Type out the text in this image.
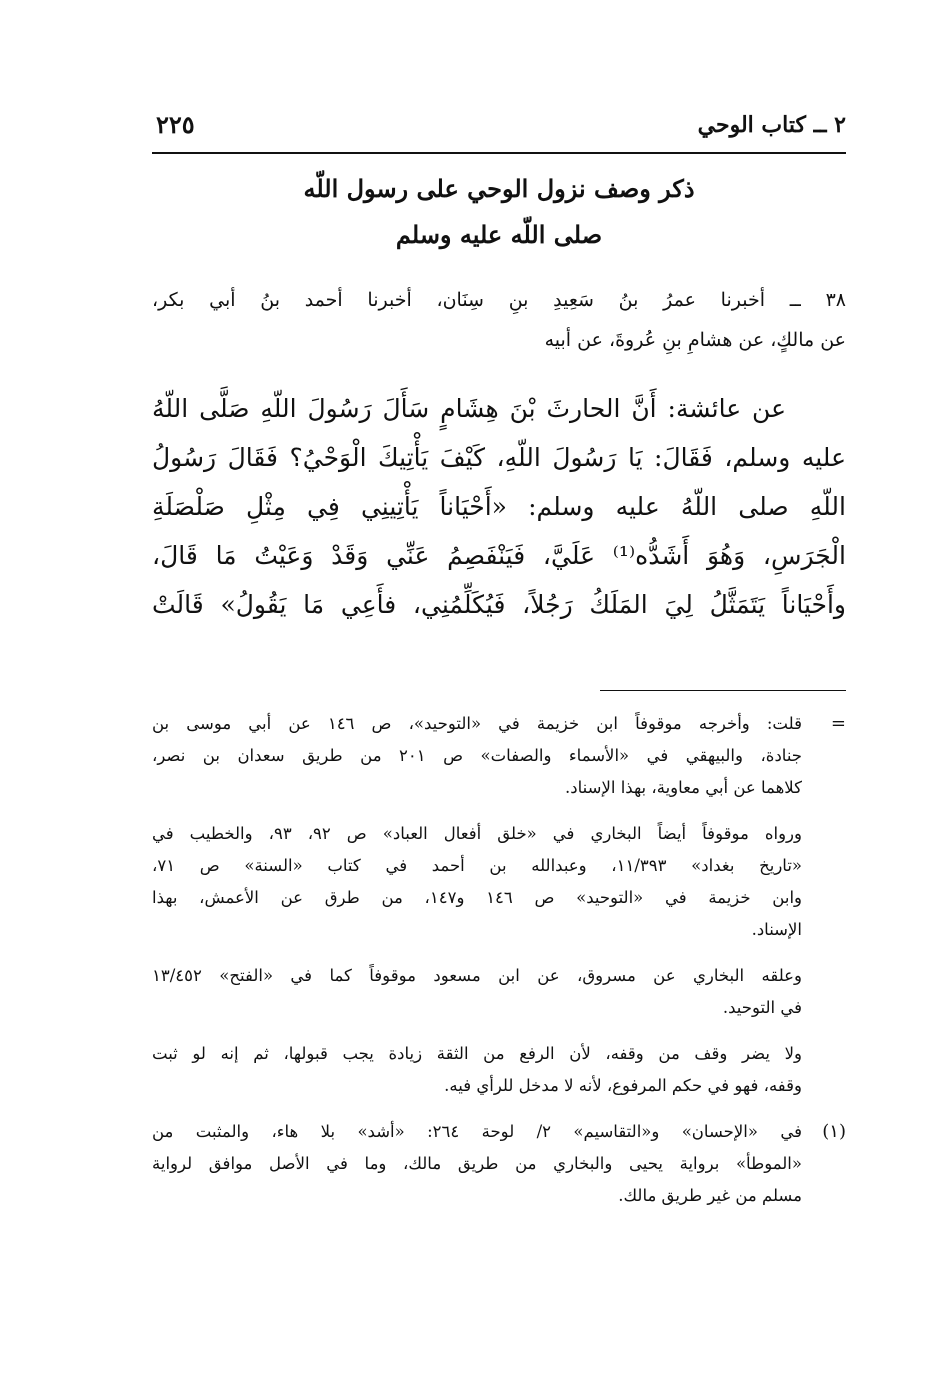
٢ ــ كتاب الوحي
٢٢٥
ذكر وصف نزول الوحي على رسول اللّه
صلى اللّه عليه وسلم
٣٨ ــ أخبرنا عمرُ بنُ سَعِيدِ بنِ سِنَان، أخبرنا أحمد بنُ أبي بكر،
عن مالكٍ، عن هشامِ بنِ عُروةَ، عن أبيه
عن عائشة: أَنَّ الحارثَ بْنَ هِشَامٍ سَأَلَ رَسُولَ اللّهِ صَلَّى اللّهُ
عليه وسلم، فَقَالَ: يَا رَسُولَ اللّهِ، كَيْفَ يَأْتِيكَ الْوَحْيُ؟ فَقَالَ رَسُولُ
اللّهِ صلى اللّهُ عليه وسلم: «أَحْيَاناً يَأْتِينِي فِي مِثْلِ صَلْصَلَةِ
الْجَرَسِ، وَهُوَ أَشَدُّه⁽¹⁾ عَلَيَّ، فَيَنْفَصِمُ عَنِّي وَقَدْ وَعَيْتُ مَا قَالَ،
وأَحْيَاناً يَتَمَثَّلُ لِيَ المَلَكُ رَجُلاً، فَيُكَلِّمُنِي، فأَعِي مَا يَقُولُ» قَالَتْ
=
قلت: وأخرجه موقوفاً ابن خزيمة في «التوحيد»، ص ١٤٦ عن أبي موسى بن
جنادة، والبيهقي في «الأسماء والصفات» ص ٢٠١ من طريق سعدان بن نصر،
كلاهما عن أبي معاوية، بهذا الإسناد.
ورواه موقوفاً أيضاً البخاري في «خلق أفعال العباد» ص ٩٢، ٩٣، والخطيب في
«تاريخ بغداد» ١١/٣٩٣، وعبدالله بن أحمد في كتاب «السنة» ص ٧١،
وابن خزيمة في «التوحيد» ص ١٤٦ و١٤٧، من طرق عن الأعمش، بهذا
الإسناد.
وعلقه البخاري عن مسروق، عن ابن مسعود موقوفاً كما في «الفتح» ١٣/٤٥٢
في التوحيد.
ولا يضر وقف من وقفه، لأن الرفع من الثقة زيادة يجب قبولها، ثم إنه لو ثبت
وقفه، فهو في حكم المرفوع، لأنه لا مدخل للرأي فيه.
(١)
في «الإحسان» و«التقاسيم» ٢/ لوحة ٢٦٤: «أشد» بلا هاء، والمثبت من
«الموطأ» برواية يحيى والبخاري من طريق مالك، وما في الأصل موافق لرواية
مسلم من غير طريق مالك.
